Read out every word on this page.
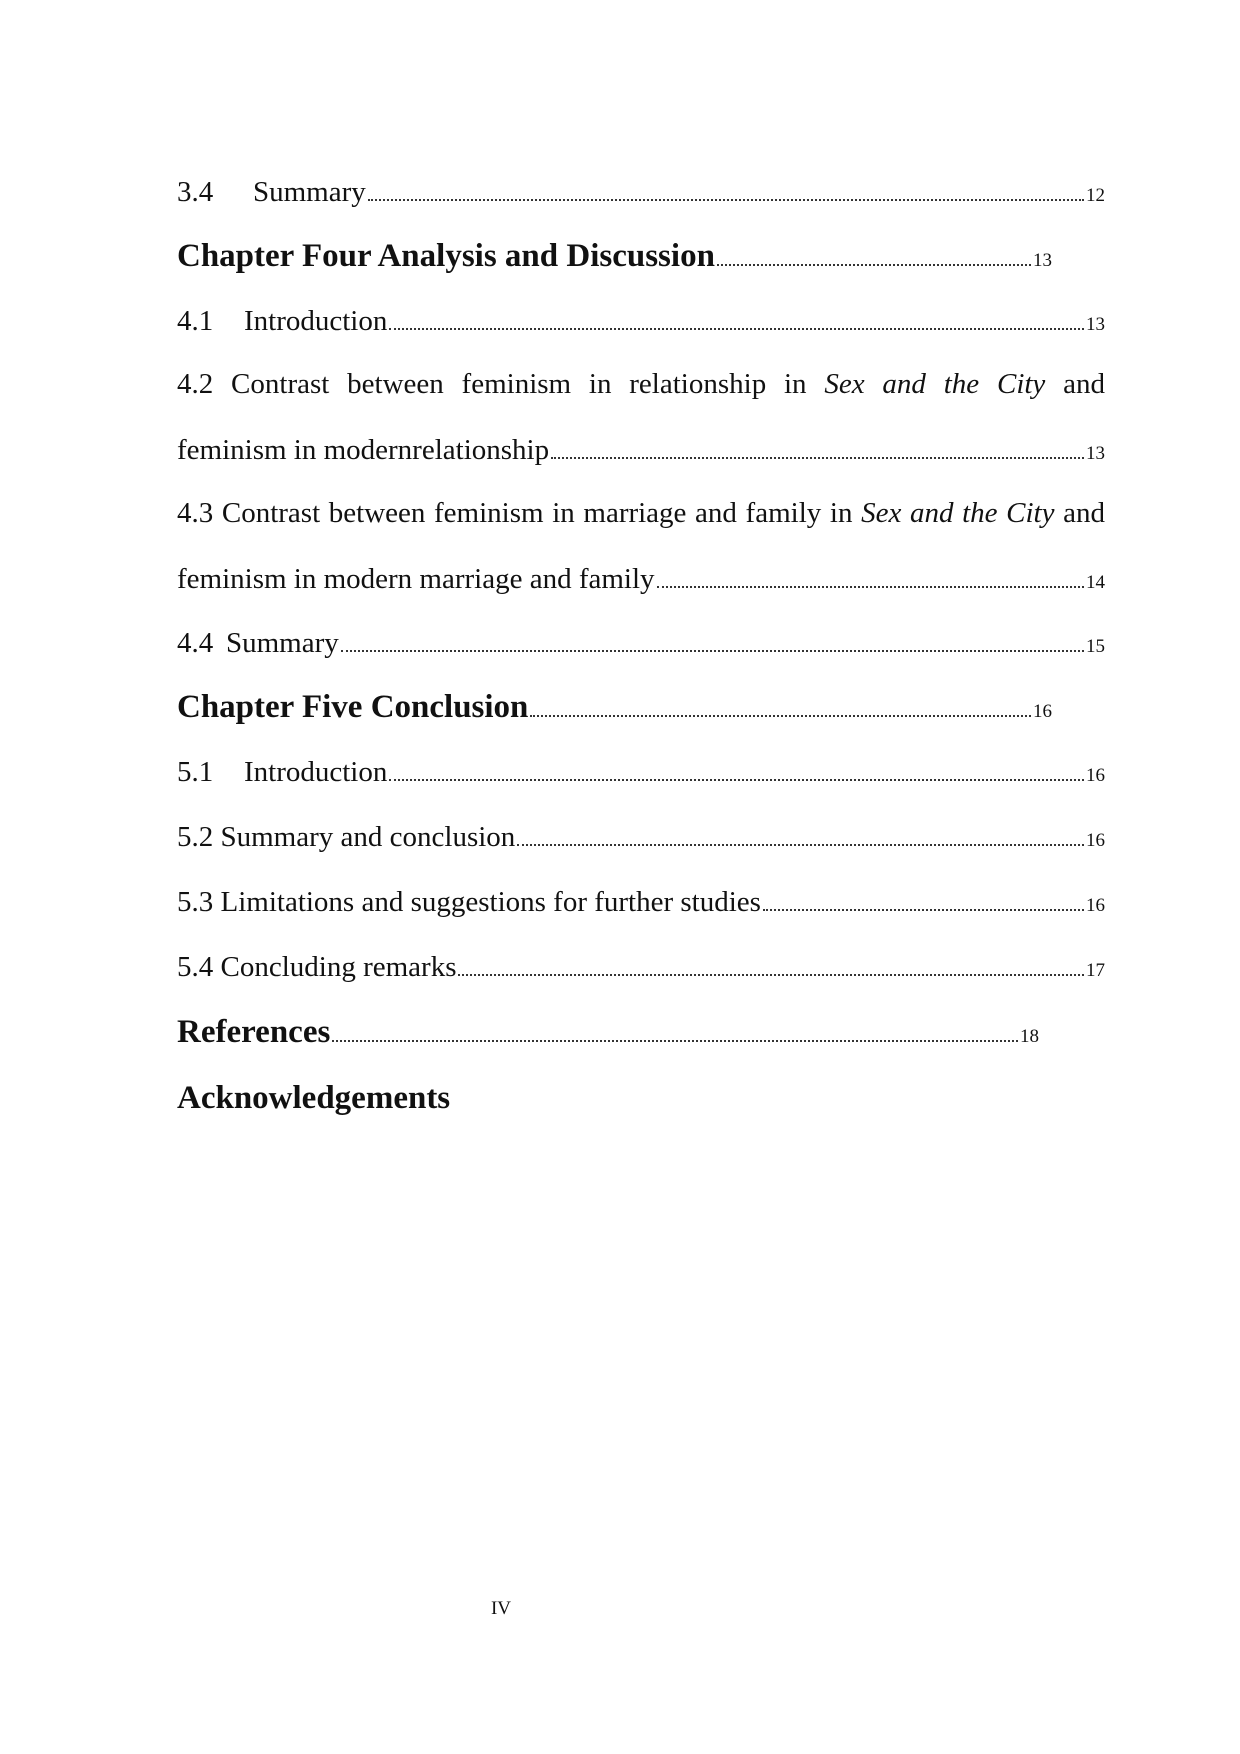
3.4 Summary	12
Chapter Four Analysis and Discussion	13
4.1 Introduction	13
4.2 Contrast between feminism in relationship in Sex and the City and
feminism in modernrelationship	13
4.3 Contrast between feminism in marriage and family in Sex and the City and
feminism in modern marriage and family	14
4.4 Summary	15
Chapter Five Conclusion	16
5.1 Introduction	16
5.2 Summary and conclusion	16
5.3 Limitations and suggestions for further studies	16
5.4 Concluding remarks	17
References	18
Acknowledgements
IV
